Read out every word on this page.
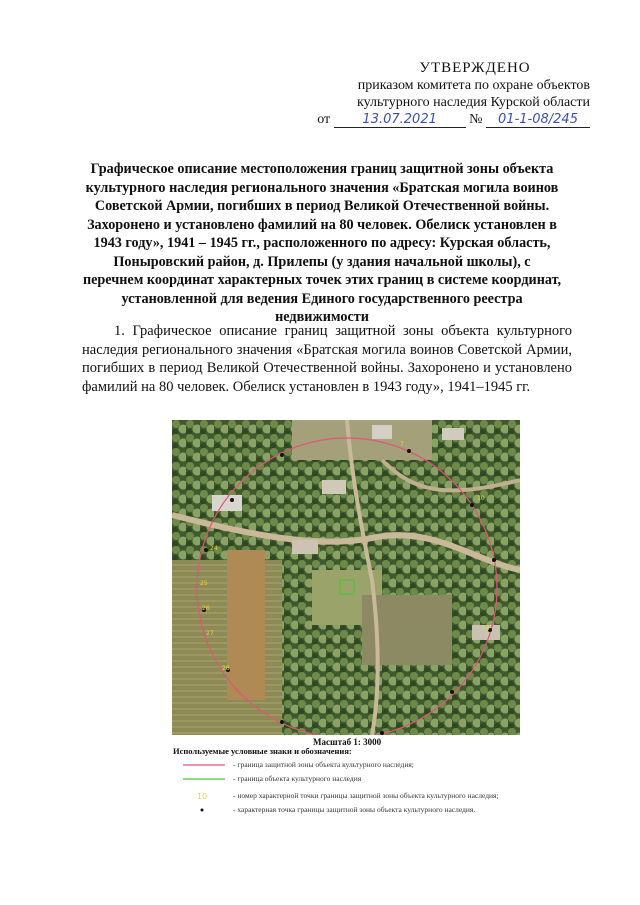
УТВЕРЖДЕНО
приказом комитета по охране объектов
культурного наследия Курской области
от 13.07.2021 № 01-1-08/245
Графическое описание местоположения границ защитной зоны объекта культурного наследия регионального значения «Братская могила воинов Советской Армии, погибших в период Великой Отечественной войны. Захоронено и установлено фамилий на 80 человек. Обелиск установлен в 1943 году», 1941 – 1945 гг., расположенного по адресу: Курская область, Поныровский район, д. Прилепы (у здания начальной школы), с перечнем координат характерных точек этих границ в системе координат, установленной для ведения Единого государственного реестра недвижимости
1. Графическое описание границ защитной зоны объекта культурного наследия регионального значения «Братская могила воинов Советской Армии, погибших в период Великой Отечественной войны. Захоронено и установлено фамилий на 80 человек. Обелиск установлен в 1943 году», 1941–1945 гг.
7
10
14
24
25
26
27
28
Масштаб 1: 3000
Используемые условные знаки и обозначения:
- граница защитной зоны объекта культурного наследия;
- граница объекта культурного наследия
10	- номер характерной точки границы защитной зоны объекта культурного наследия;
- характерная точка границы защитной зоны объекта культурного наследия.
